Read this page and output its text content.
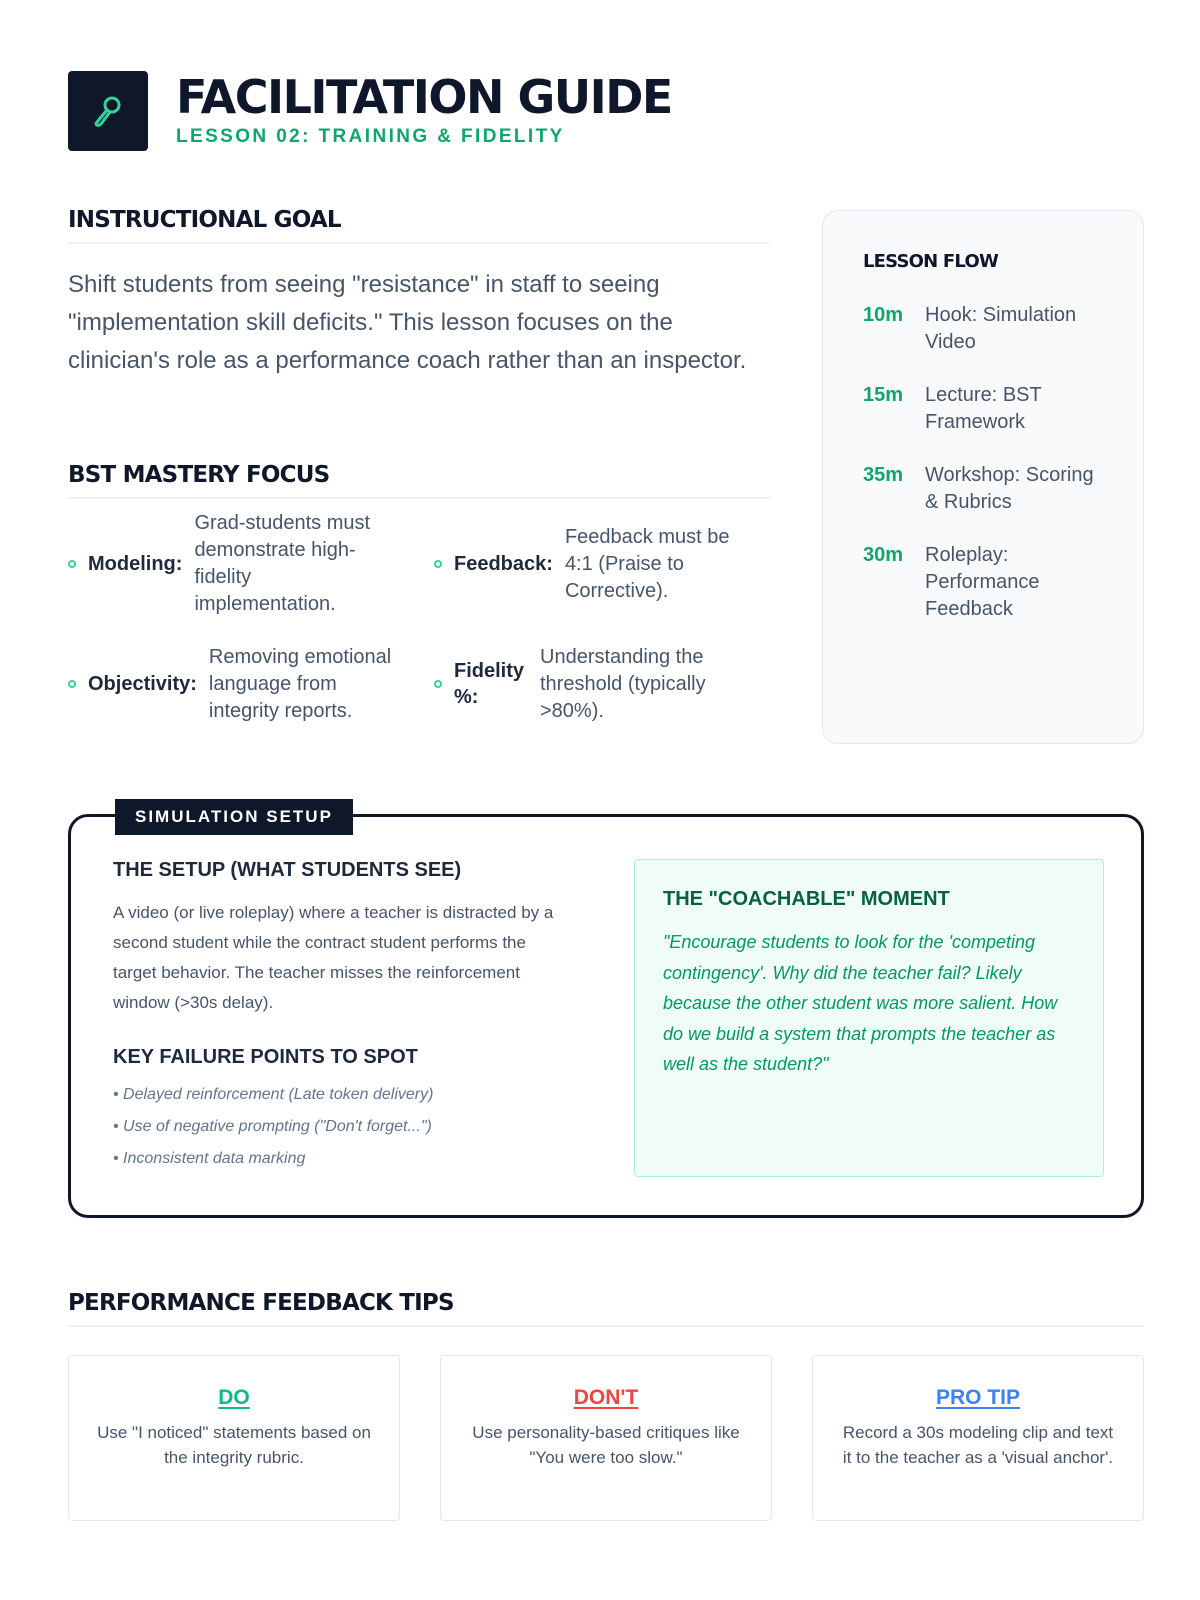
FACILITATION GUIDE
LESSON 02: TRAINING & FIDELITY
INSTRUCTIONAL GOAL
Shift students from seeing "resistance" in staff to seeing "implementation skill deficits." This lesson focuses on the clinician's role as a performance coach rather than an inspector.
BST MASTERY FOCUS
Modeling:
Grad-students must demonstrate high-fidelity implementation.
Feedback:
Feedback must be 4:1 (Praise to Corrective).
Objectivity:
Removing emotional language from integrity reports.
Fidelity %:
Understanding the threshold (typically >80%).
LESSON FLOW
10m	Hook: Simulation Video
15m	Lecture: BST Framework
35m	Workshop: Scoring & Rubrics
30m	Roleplay: Performance Feedback
SIMULATION SETUP
THE SETUP (WHAT STUDENTS SEE)
A video (or live roleplay) where a teacher is distracted by a second student while the contract student performs the target behavior. The teacher misses the reinforcement window (>30s delay).
KEY FAILURE POINTS TO SPOT
• Delayed reinforcement (Late token delivery)
• Use of negative prompting ("Don't forget...")
• Inconsistent data marking
THE "COACHABLE" MOMENT
"Encourage students to look for the 'competing contingency'. Why did the teacher fail? Likely because the other student was more salient. How do we build a system that prompts the teacher as well as the student?"
PERFORMANCE FEEDBACK TIPS
DO
Use "I noticed" statements based on the integrity rubric.
DON'T
Use personality-based critiques like "You were too slow."
PRO TIP
Record a 30s modeling clip and text it to the teacher as a 'visual anchor'.
